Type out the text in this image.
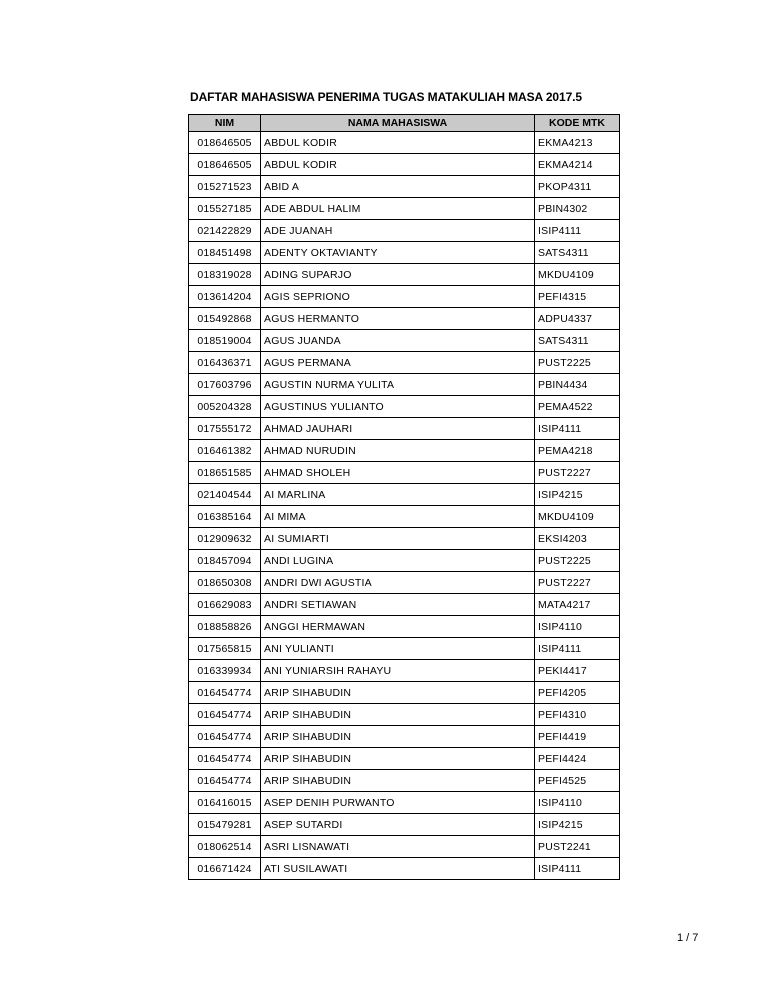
DAFTAR MAHASISWA PENERIMA TUGAS MATAKULIAH MASA 2017.5
NIM	NAMA MAHASISWA	KODE MTK
018646505	ABDUL KODIR	EKMA4213
018646505	ABDUL KODIR	EKMA4214
015271523	ABID A	PKOP4311
015527185	ADE ABDUL HALIM	PBIN4302
021422829	ADE JUANAH	ISIP4111
018451498	ADENTY OKTAVIANTY	SATS4311
018319028	ADING SUPARJO	MKDU4109
013614204	AGIS SEPRIONO	PEFI4315
015492868	AGUS HERMANTO	ADPU4337
018519004	AGUS JUANDA	SATS4311
016436371	AGUS PERMANA	PUST2225
017603796	AGUSTIN NURMA YULITA	PBIN4434
005204328	AGUSTINUS YULIANTO	PEMA4522
017555172	AHMAD JAUHARI	ISIP4111
016461382	AHMAD NURUDIN	PEMA4218
018651585	AHMAD SHOLEH	PUST2227
021404544	AI MARLINA	ISIP4215
016385164	AI MIMA	MKDU4109
012909632	AI SUMIARTI	EKSI4203
018457094	ANDI LUGINA	PUST2225
018650308	ANDRI DWI AGUSTIA	PUST2227
016629083	ANDRI SETIAWAN	MATA4217
018858826	ANGGI HERMAWAN	ISIP4110
017565815	ANI YULIANTI	ISIP4111
016339934	ANI YUNIARSIH RAHAYU	PEKI4417
016454774	ARIP SIHABUDIN	PEFI4205
016454774	ARIP SIHABUDIN	PEFI4310
016454774	ARIP SIHABUDIN	PEFI4419
016454774	ARIP SIHABUDIN	PEFI4424
016454774	ARIP SIHABUDIN	PEFI4525
016416015	ASEP DENIH PURWANTO	ISIP4110
015479281	ASEP SUTARDI	ISIP4215
018062514	ASRI LISNAWATI	PUST2241
016671424	ATI SUSILAWATI	ISIP4111
1 / 7
